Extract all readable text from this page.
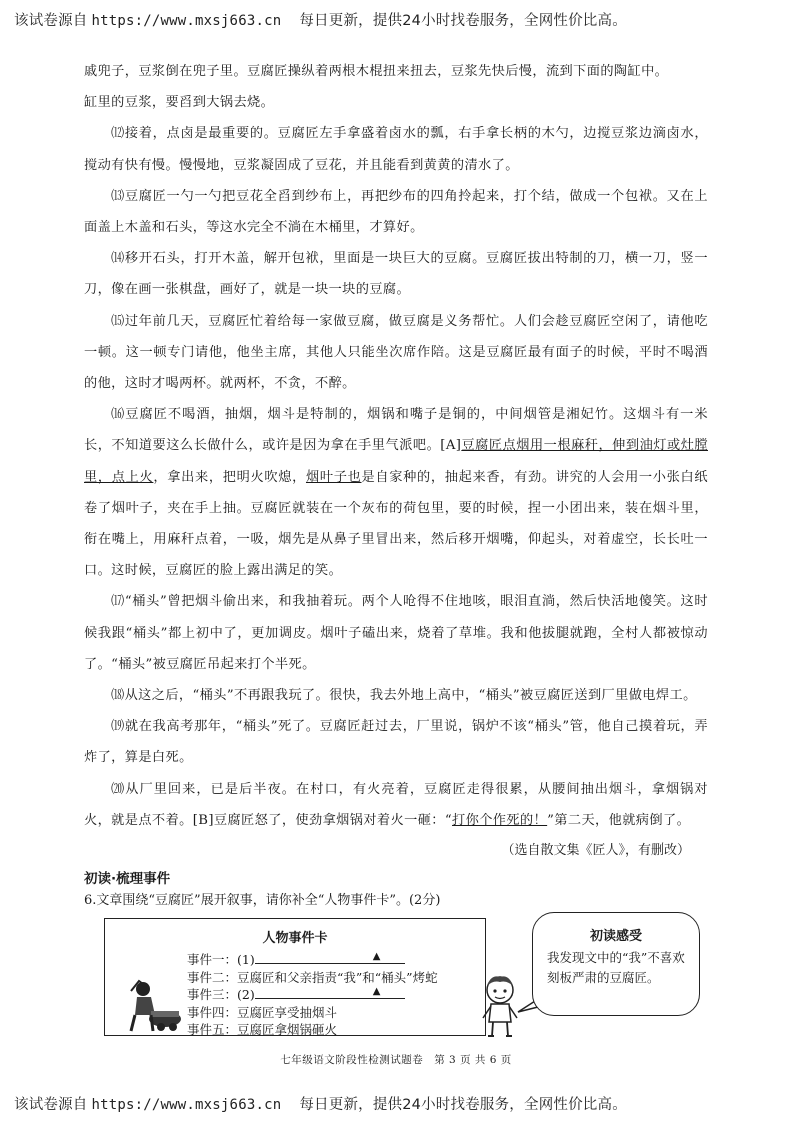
该试卷源自 https://www.mxsj663.cn 每日更新，提供24小时找卷服务，全网性价比高。

戚兜子，豆浆倒在兜子里。豆腐匠操纵着两根木棍扭来扭去，豆浆先快后慢，流到下面的陶缸中。

缸里的豆浆，要舀到大锅去烧。

⑿接着，点卤是最重要的。豆腐匠左手拿盛着卤水的瓢，右手拿长柄的木勺，边搅豆浆边滴卤水，搅动有快有慢。慢慢地，豆浆凝固成了豆花，并且能看到黄黄的清水了。

⒀豆腐匠一勺一勺把豆花全舀到纱布上，再把纱布的四角拎起来，打个结，做成一个包袱。又在上面盖上木盖和石头，等这水完全不淌在木桶里，才算好。

⒁移开石头，打开木盖，解开包袱，里面是一块巨大的豆腐。豆腐匠拔出特制的刀，横一刀，竖一刀，像在画一张棋盘，画好了，就是一块一块的豆腐。

⒂过年前几天，豆腐匠忙着给每一家做豆腐，做豆腐是义务帮忙。人们会趁豆腐匠空闲了，请他吃一顿。这一顿专门请他，他坐主席，其他人只能坐次席作陪。这是豆腐匠最有面子的时候，平时不喝酒的他，这时才喝两杯。就两杯，不贪，不醉。

⒃豆腐匠不喝酒，抽烟，烟斗是特制的，烟锅和嘴子是铜的，中间烟管是湘妃竹。这烟斗有一米长，不知道要这么长做什么，或许是因为拿在手里气派吧。[A]豆腐匠点烟用一根麻秆，伸到油灯或灶膛里，点上火，拿出来，把明火吹熄，烟叶子也是自家种的，抽起来香，有劲。讲究的人会用一小张白纸卷了烟叶子，夹在手上抽。豆腐匠就装在一个灰布的荷包里，要的时候，捏一小团出来，装在烟斗里，衔在嘴上，用麻秆点着，一吸，烟先是从鼻子里冒出来，然后移开烟嘴，仰起头，对着虚空，长长吐一口。这时候，豆腐匠的脸上露出满足的笑。

⒄“桶头”曾把烟斗偷出来，和我抽着玩。两个人呛得不住地咳，眼泪直淌，然后快活地傻笑。这时候我跟“桶头”都上初中了，更加调皮。烟叶子磕出来，烧着了草堆。我和他拔腿就跑，全村人都被惊动了。“桶头”被豆腐匠吊起来打个半死。

⒅从这之后，“桶头”不再跟我玩了。很快，我去外地上高中，“桶头”被豆腐匠送到厂里做电焊工。

⒆就在我高考那年，“桶头”死了。豆腐匠赶过去，厂里说，锅炉不该“桶头”管，他自己摸着玩，弄炸了，算是白死。

⒇从厂里回来，已是后半夜。在村口，有火亮着，豆腐匠走得很累，从腰间抽出烟斗，拿烟锅对火，就是点不着。[B]豆腐匠怒了，使劲拿烟锅对着火一砸：“打你个作死的！”第二天，他就病倒了。

（选自散文集《匠人》，有删改）

初读·梳理事件
6.文章围绕“豆腐匠”展开叙事，请你补全“人物事件卡”。(2分)
人物事件卡
事件一：(1)	▲
事件二：豆腐匠和父亲指责“我”和“桶头”烤蛇
事件三：(2)	▲
事件四：豆腐匠享受抽烟斗
事件五：豆腐匠拿烟锅砸火
初读感受
我发现文中的“我”不喜欢刻板严肃的豆腐匠。
七年级语文阶段性检测试题卷　第 3 页 共 6 页
该试卷源自 https://www.mxsj663.cn 每日更新，提供24小时找卷服务，全网性价比高。
